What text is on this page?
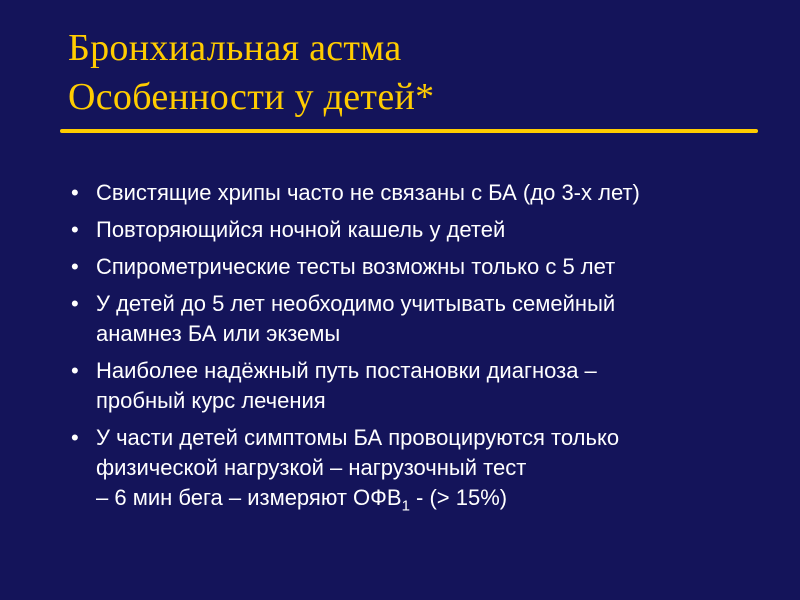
Бронхиальная астма
Особенности у детей*
• Свистящие хрипы часто не связаны с БА (до 3-х лет)
• Повторяющийся ночной кашель у детей
• Спирометрические тесты возможны только с 5 лет
• У детей до 5 лет необходимо учитывать семейный
анамнез БА или экземы
• Наиболее надёжный путь постановки диагноза –
пробный курс лечения
• У части детей симптомы БА провоцируются только
физической нагрузкой – нагрузочный тест
– 6 мин бега – измеряют $ОФВ_1$ - (> 15%)
